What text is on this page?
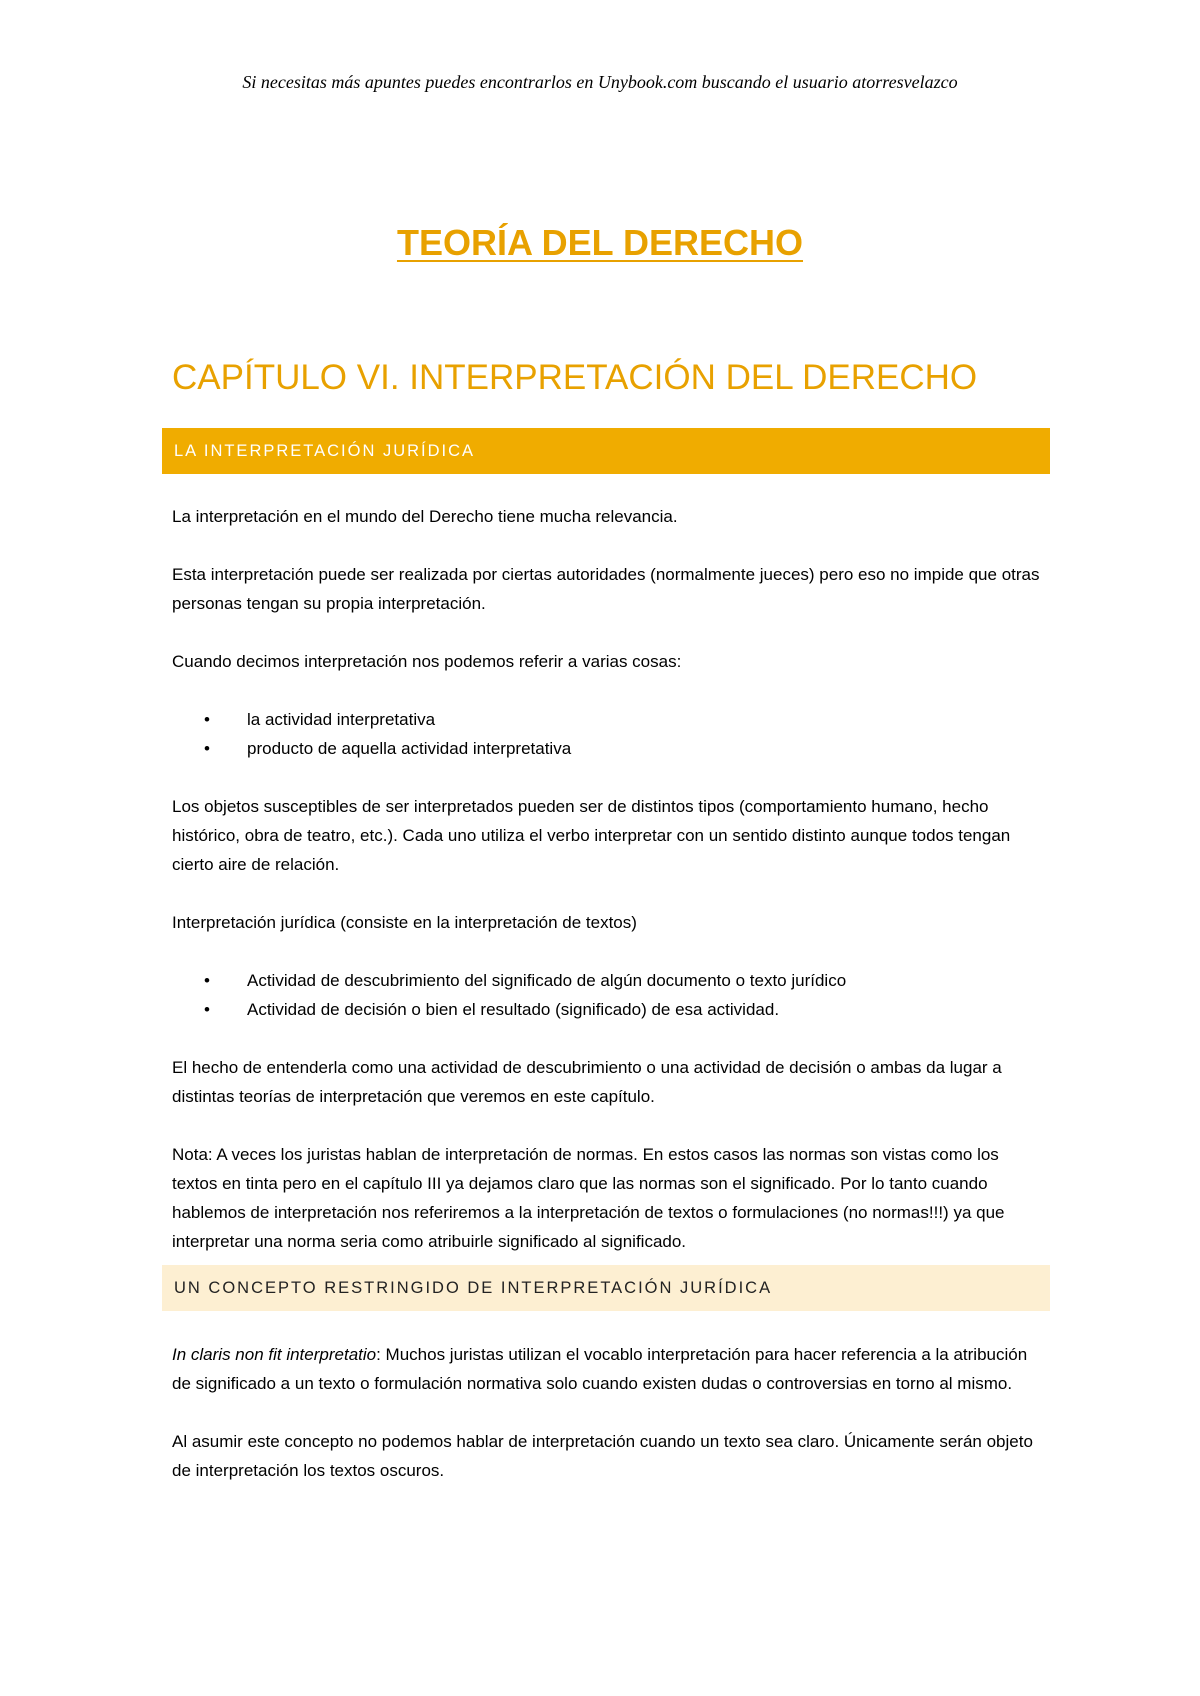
Si necesitas más apuntes puedes encontrarlos en Unybook.com buscando el usuario atorresvelazco
TEORÍA DEL DERECHO
CAPÍTULO VI. INTERPRETACIÓN DEL DERECHO
LA INTERPRETACIÓN JURÍDICA

La interpretación en el mundo del Derecho tiene mucha relevancia.

Esta interpretación puede ser realizada por ciertas autoridades (normalmente jueces) pero eso no impide que otras personas tengan su propia interpretación.

Cuando decimos interpretación nos podemos referir a varias cosas:

• la actividad interpretativa
• producto de aquella actividad interpretativa

Los objetos susceptibles de ser interpretados pueden ser de distintos tipos (comportamiento humano, hecho histórico, obra de teatro, etc.). Cada uno utiliza el verbo interpretar con un sentido distinto aunque todos tengan cierto aire de relación.

Interpretación jurídica (consiste en la interpretación de textos)

• Actividad de descubrimiento del significado de algún documento o texto jurídico
• Actividad de decisión o bien el resultado (significado) de esa actividad.

El hecho de entenderla como una actividad de descubrimiento o una actividad de decisión o ambas da lugar a distintas teorías de interpretación que veremos en este capítulo.

Nota: A veces los juristas hablan de interpretación de normas. En estos casos las normas son vistas como los textos en tinta pero en el capítulo III ya dejamos claro que las normas son el significado. Por lo tanto cuando hablemos de interpretación nos referiremos a la interpretación de textos o formulaciones (no normas!!!) ya que interpretar una norma seria como atribuirle significado al significado.

UN CONCEPTO RESTRINGIDO DE INTERPRETACIÓN JURÍDICA

In claris non fit interpretatio: Muchos juristas utilizan el vocablo interpretación para hacer referencia a la atribución de significado a un texto o formulación normativa solo cuando existen dudas o controversias en torno al mismo.

Al asumir este concepto no podemos hablar de interpretación cuando un texto sea claro. Únicamente serán objeto de interpretación los textos oscuros.
